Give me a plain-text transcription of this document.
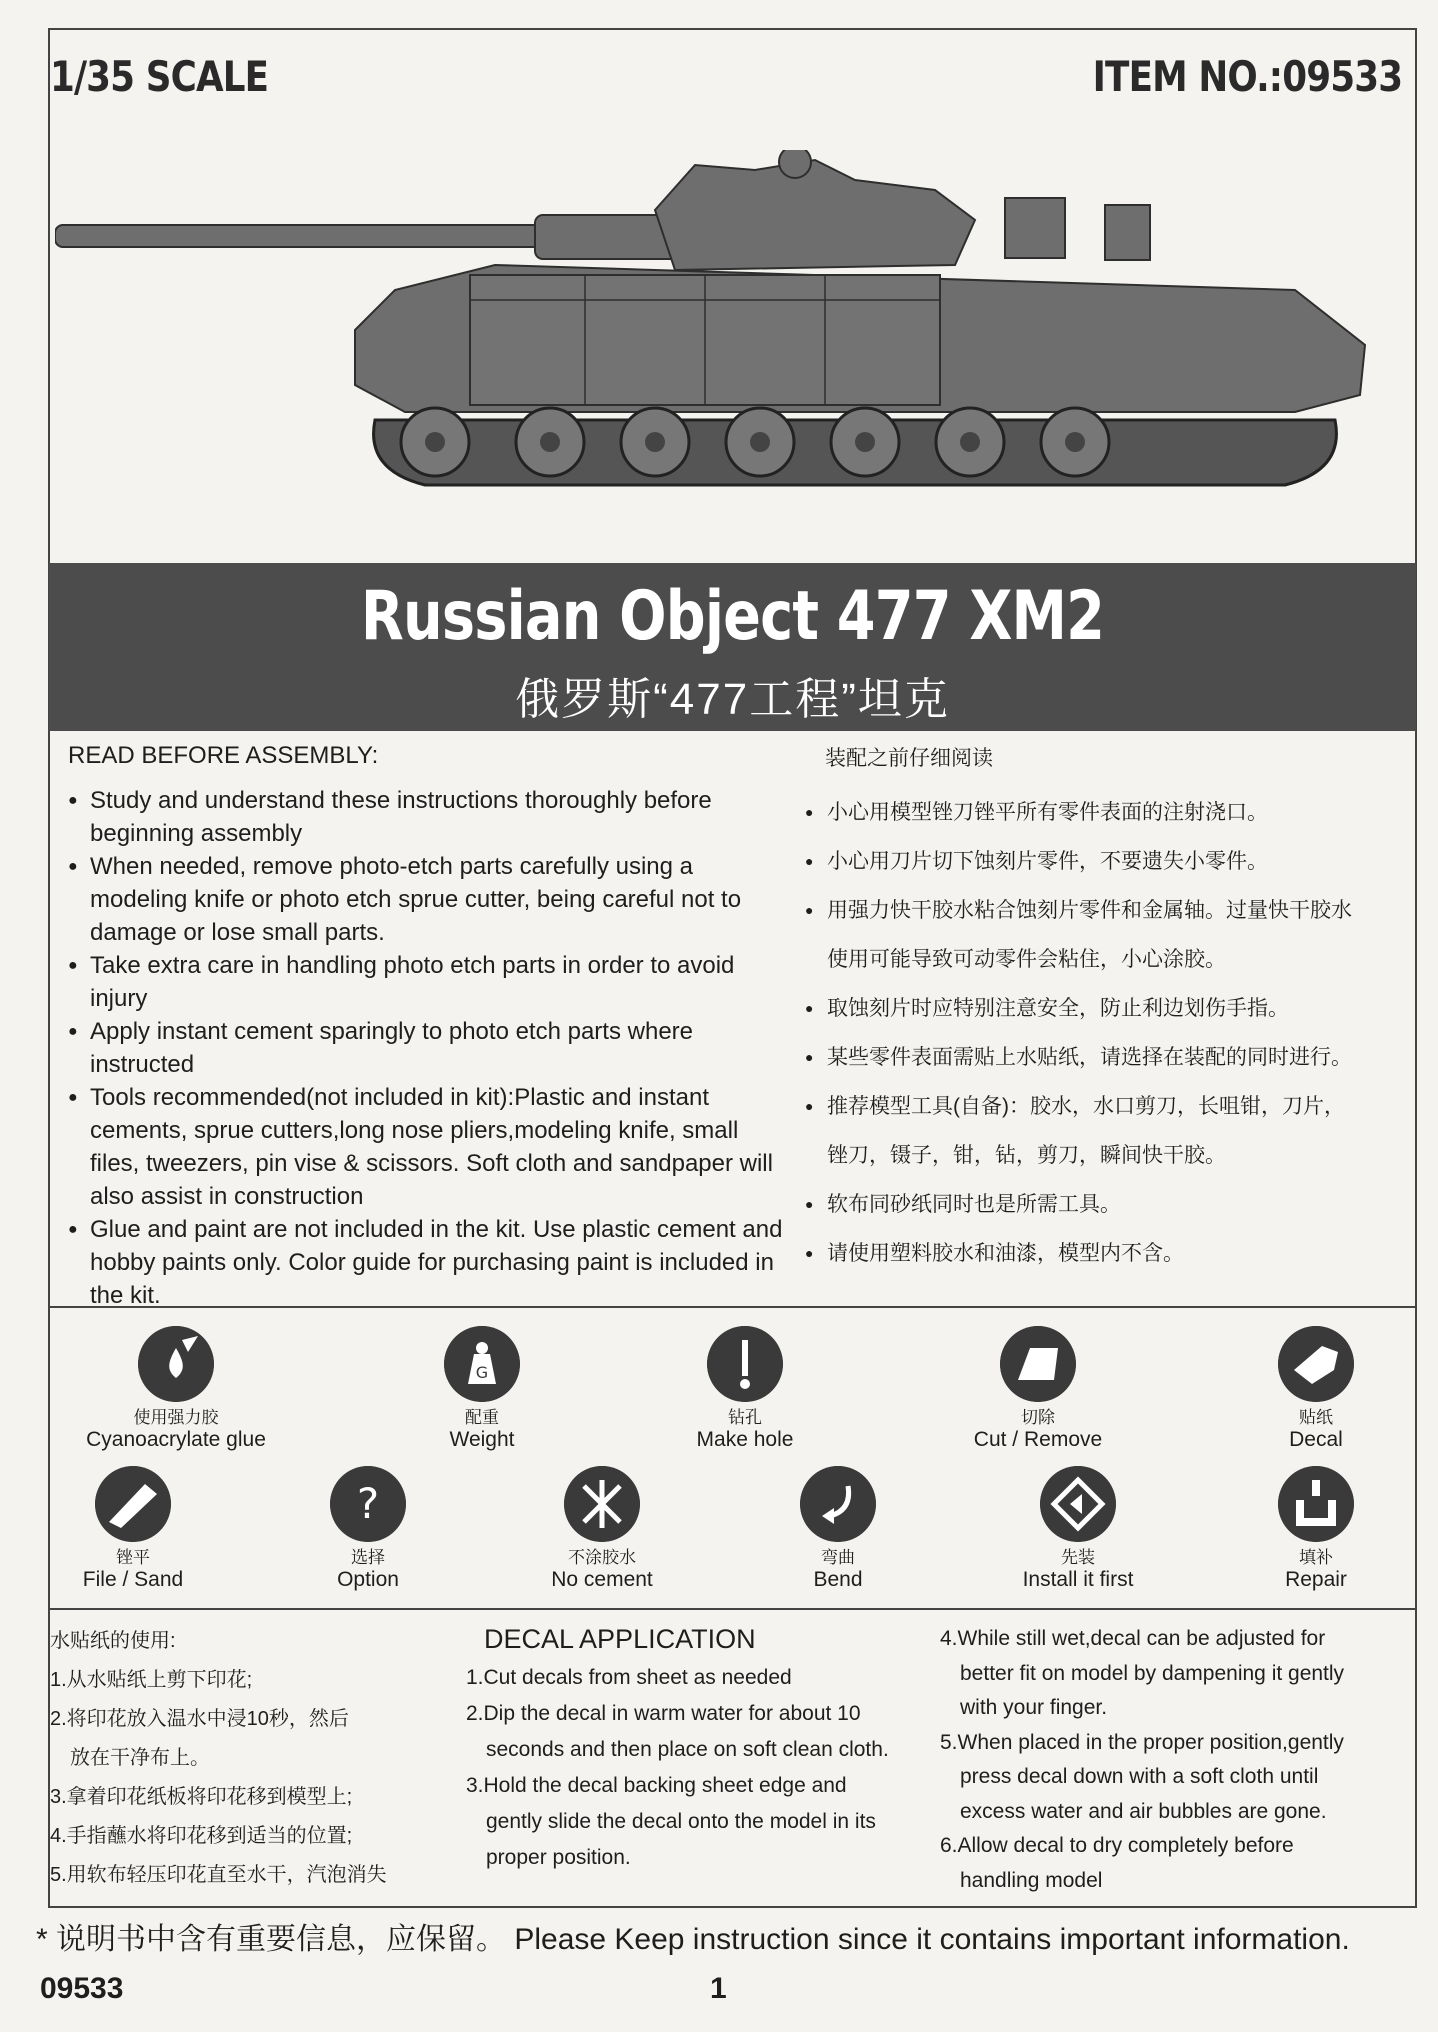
1/35 SCALE	ITEM NO.:09533
Russian Object 477 XM2
俄罗斯“477工程”坦克
READ BEFORE ASSEMBLY:
● Study and understand these instructions thoroughly before beginning assembly
● When needed, remove photo-etch parts carefully using a modeling knife or photo etch sprue cutter, being careful not to damage or lose small parts.
● Take extra care in handling photo etch parts in order to avoid injury
● Apply instant cement sparingly to photo etch parts where instructed
● Tools recommended(not included in kit):Plastic and instant cements, sprue cutters,long nose pliers,modeling knife, small files, tweezers, pin vise & scissors. Soft cloth and sandpaper will also assist in construction
● Glue and paint are not included in the kit. Use plastic cement and hobby paints only. Color guide for purchasing paint is included in the kit.
装配之前仔细阅读
● 小心用模型锉刀锉平所有零件表面的注射浇口。
● 小心用刀片切下蚀刻片零件，不要遗失小零件。
● 用强力快干胶水粘合蚀刻片零件和金属轴。过量快干胶水
使用可能导致可动零件会粘住，小心涂胶。
● 取蚀刻片时应特别注意安全，防止利边划伤手指。
● 某些零件表面需贴上水贴纸，请选择在装配的同时进行。
● 推荐模型工具(自备)：胶水，水口剪刀，长咀钳，刀片，
锉刀，镊子，钳，钻，剪刀，瞬间快干胶。
● 软布同砂纸同时也是所需工具。
● 请使用塑料胶水和油漆，模型内不含。
使用强力胶
Cyanoacrylate glue
G
配重
Weight
钻孔
Make hole
切除
Cut / Remove
贴纸
Decal
锉平
File / Sand
?
选择
Option
不涂胶水
No cement
弯曲
Bend
先装
Install it first
填补
Repair
水贴纸的使用:
1.从水贴纸上剪下印花;
2.将印花放入温水中浸10秒，然后
放在干净布上。
3.拿着印花纸板将印花移到模型上;
4.手指蘸水将印花移到适当的位置;
5.用软布轻压印花直至水干，汽泡消失
DECAL APPLICATION
1.Cut decals from sheet as needed
2.Dip the decal in warm water for about 10
seconds and then place on soft clean cloth.
3.Hold the decal backing sheet edge and
gently slide the decal onto the model in its
proper position.
4.While still wet,decal can be adjusted for
better fit on model by dampening it gently
with your finger.
5.When placed in the proper position,gently
press decal down with a soft cloth until
excess water and air bubbles are gone.
6.Allow decal to dry completely before
handling model
* 说明书中含有重要信息，应保留。 Please Keep instruction since it contains important information.
09533	1
